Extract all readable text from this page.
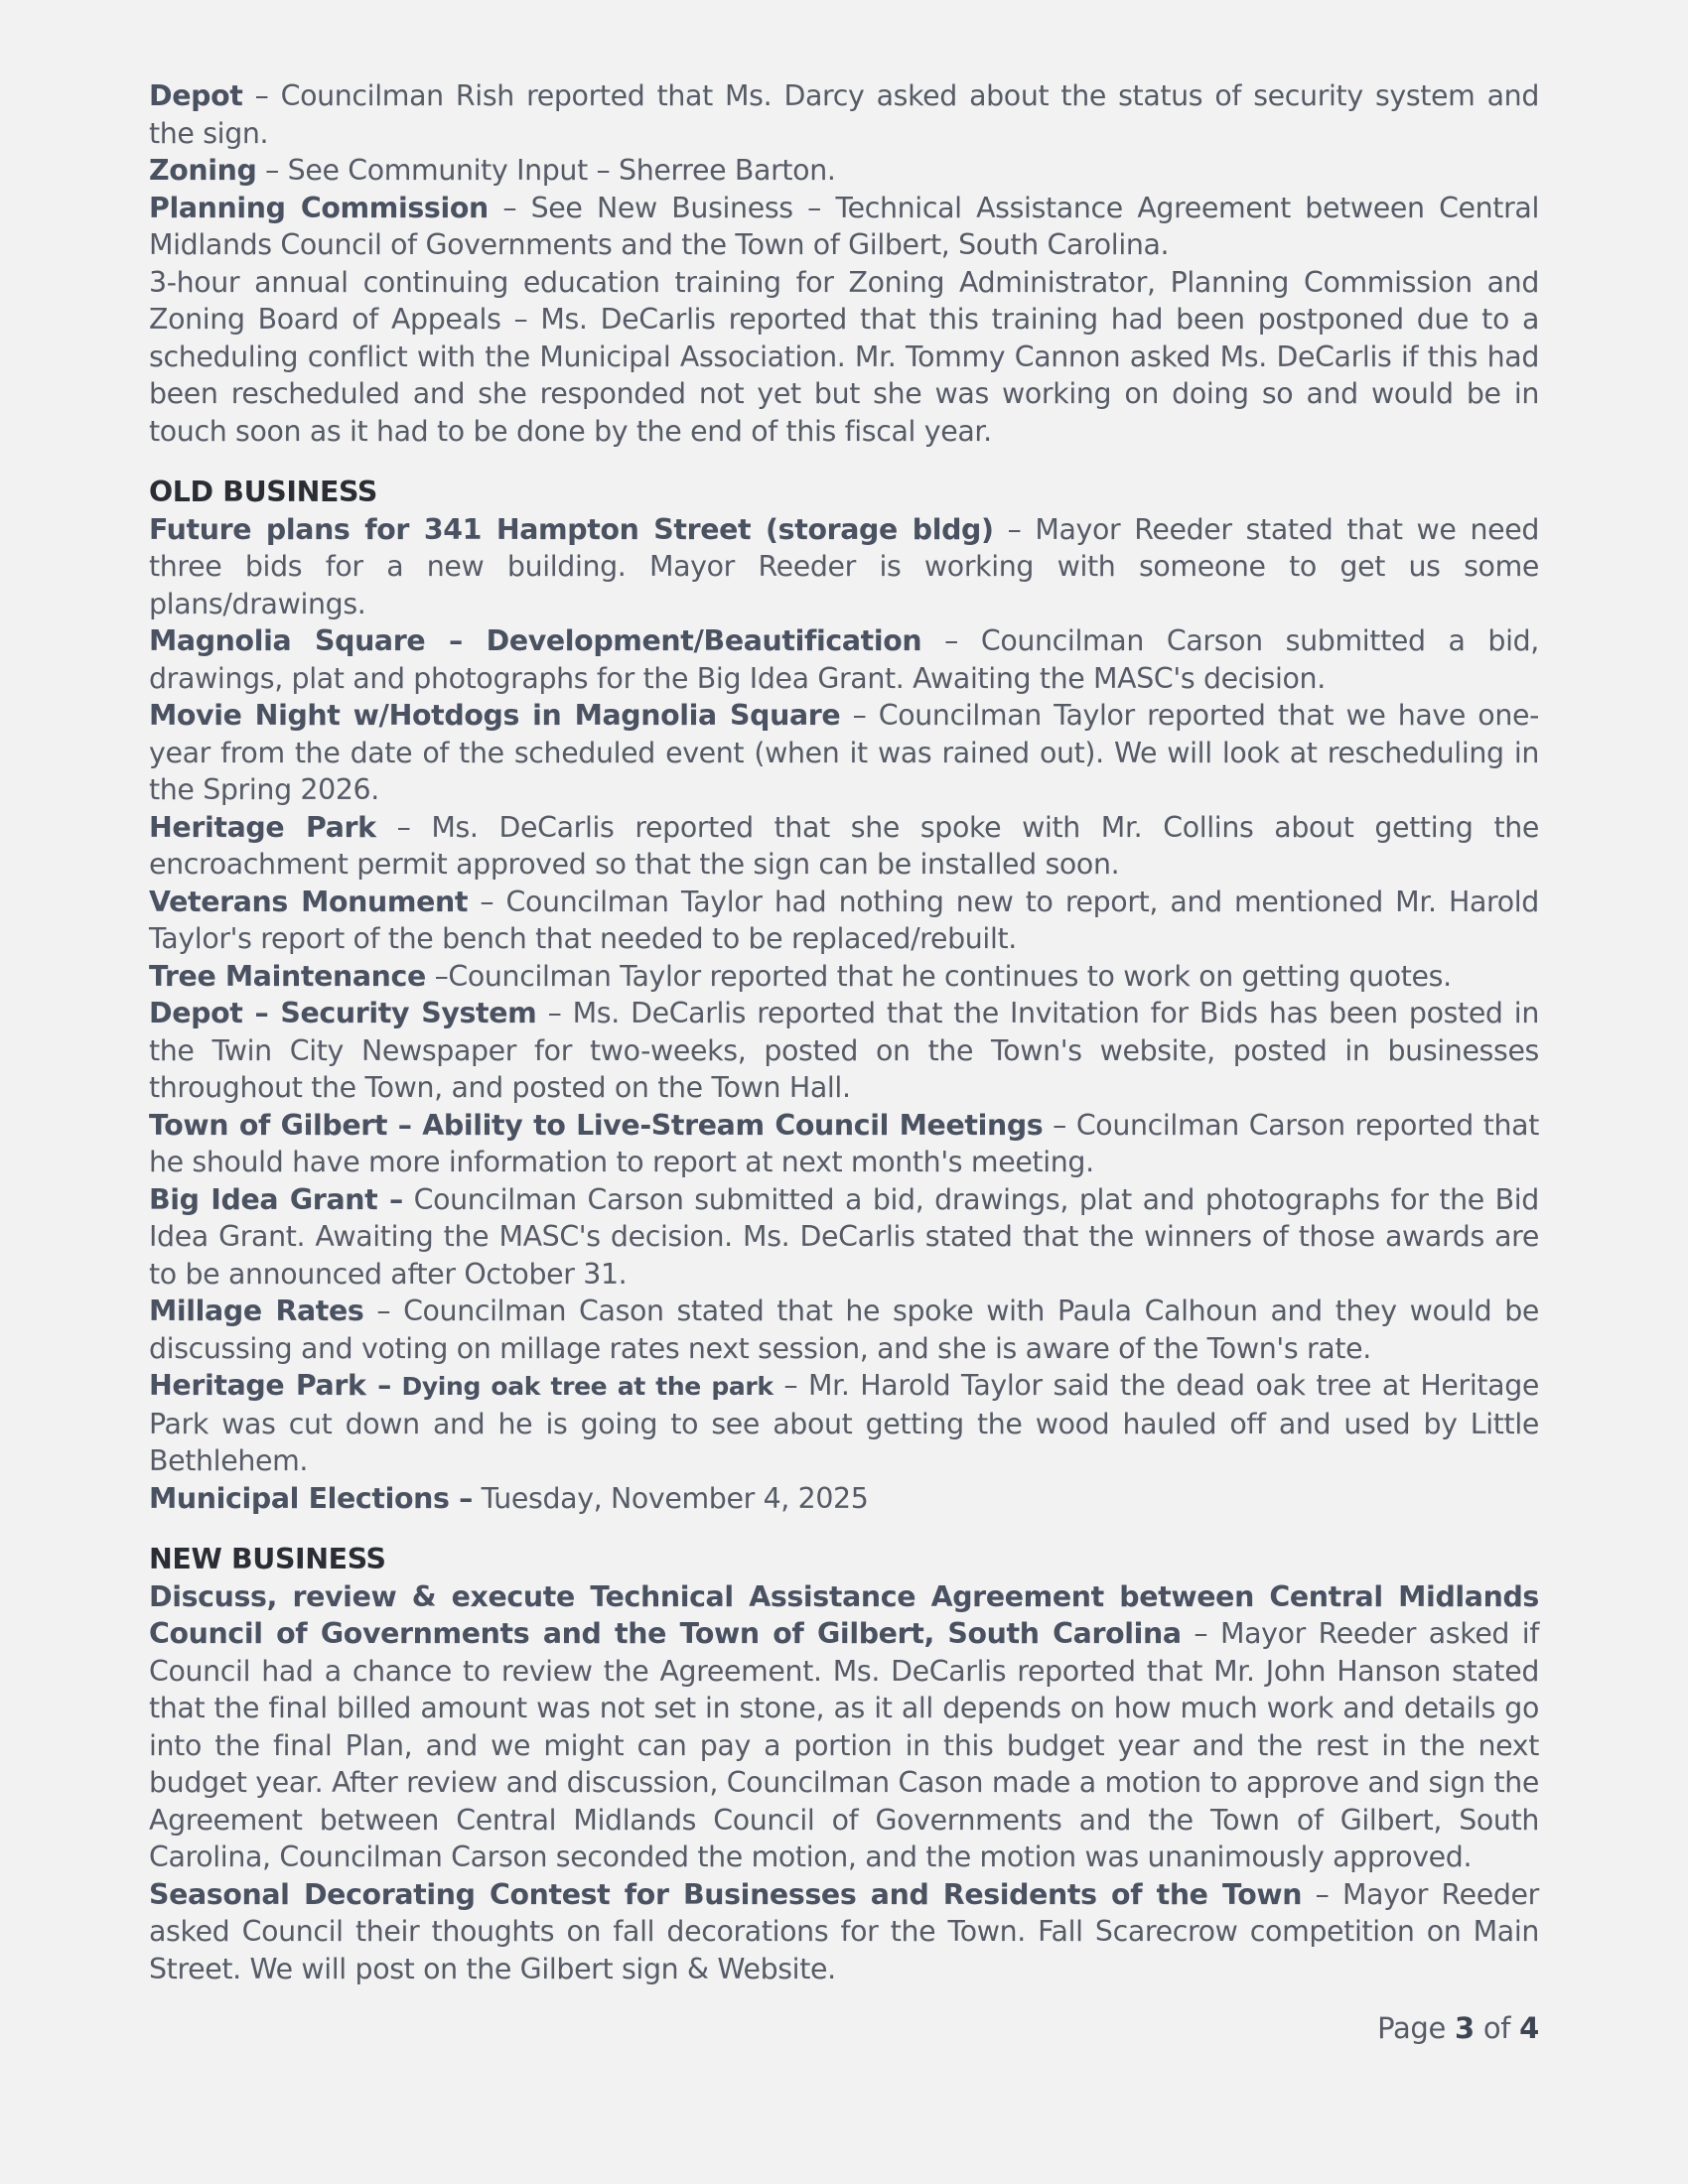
Depot – Councilman Rish reported that Ms. Darcy asked about the status of security system and the sign.

Zoning – See Community Input – Sherree Barton.

Planning Commission – See New Business – Technical Assistance Agreement between Central Midlands Council of Governments and the Town of Gilbert, South Carolina.

3-hour annual continuing education training for Zoning Administrator, Planning Commission and Zoning Board of Appeals – Ms. DeCarlis reported that this training had been postponed due to a scheduling conflict with the Municipal Association. Mr. Tommy Cannon asked Ms. DeCarlis if this had been rescheduled and she responded not yet but she was working on doing so and would be in touch soon as it had to be done by the end of this fiscal year.

OLD BUSINESS

Future plans for 341 Hampton Street (storage bldg) – Mayor Reeder stated that we need three bids for a new building. Mayor Reeder is working with someone to get us some plans/drawings.

Magnolia Square – Development/Beautification – Councilman Carson submitted a bid, drawings, plat and photographs for the Big Idea Grant. Awaiting the MASC's decision.

Movie Night w/Hotdogs in Magnolia Square – Councilman Taylor reported that we have one-year from the date of the scheduled event (when it was rained out). We will look at rescheduling in the Spring 2026.

Heritage Park – Ms. DeCarlis reported that she spoke with Mr. Collins about getting the encroachment permit approved so that the sign can be installed soon.

Veterans Monument – Councilman Taylor had nothing new to report, and mentioned Mr. Harold Taylor's report of the bench that needed to be replaced/rebuilt.

Tree Maintenance –Councilman Taylor reported that he continues to work on getting quotes.

Depot – Security System – Ms. DeCarlis reported that the Invitation for Bids has been posted in the Twin City Newspaper for two-weeks, posted on the Town's website, posted in businesses throughout the Town, and posted on the Town Hall.

Town of Gilbert – Ability to Live-Stream Council Meetings – Councilman Carson reported that he should have more information to report at next month's meeting.

Big Idea Grant – Councilman Carson submitted a bid, drawings, plat and photographs for the Bid Idea Grant. Awaiting the MASC's decision. Ms. DeCarlis stated that the winners of those awards are to be announced after October 31.

Millage Rates – Councilman Cason stated that he spoke with Paula Calhoun and they would be discussing and voting on millage rates next session, and she is aware of the Town's rate.

Heritage Park – Dying oak tree at the park – Mr. Harold Taylor said the dead oak tree at Heritage Park was cut down and he is going to see about getting the wood hauled off and used by Little Bethlehem.

Municipal Elections – Tuesday, November 4, 2025

NEW BUSINESS

Discuss, review & execute Technical Assistance Agreement between Central Midlands Council of Governments and the Town of Gilbert, South Carolina – Mayor Reeder asked if Council had a chance to review the Agreement. Ms. DeCarlis reported that Mr. John Hanson stated that the final billed amount was not set in stone, as it all depends on how much work and details go into the final Plan, and we might can pay a portion in this budget year and the rest in the next budget year. After review and discussion, Councilman Cason made a motion to approve and sign the Agreement between Central Midlands Council of Governments and the Town of Gilbert, South Carolina, Councilman Carson seconded the motion, and the motion was unanimously approved.

Seasonal Decorating Contest for Businesses and Residents of the Town – Mayor Reeder asked Council their thoughts on fall decorations for the Town. Fall Scarecrow competition on Main Street. We will post on the Gilbert sign & Website.

Page 3 of 4
